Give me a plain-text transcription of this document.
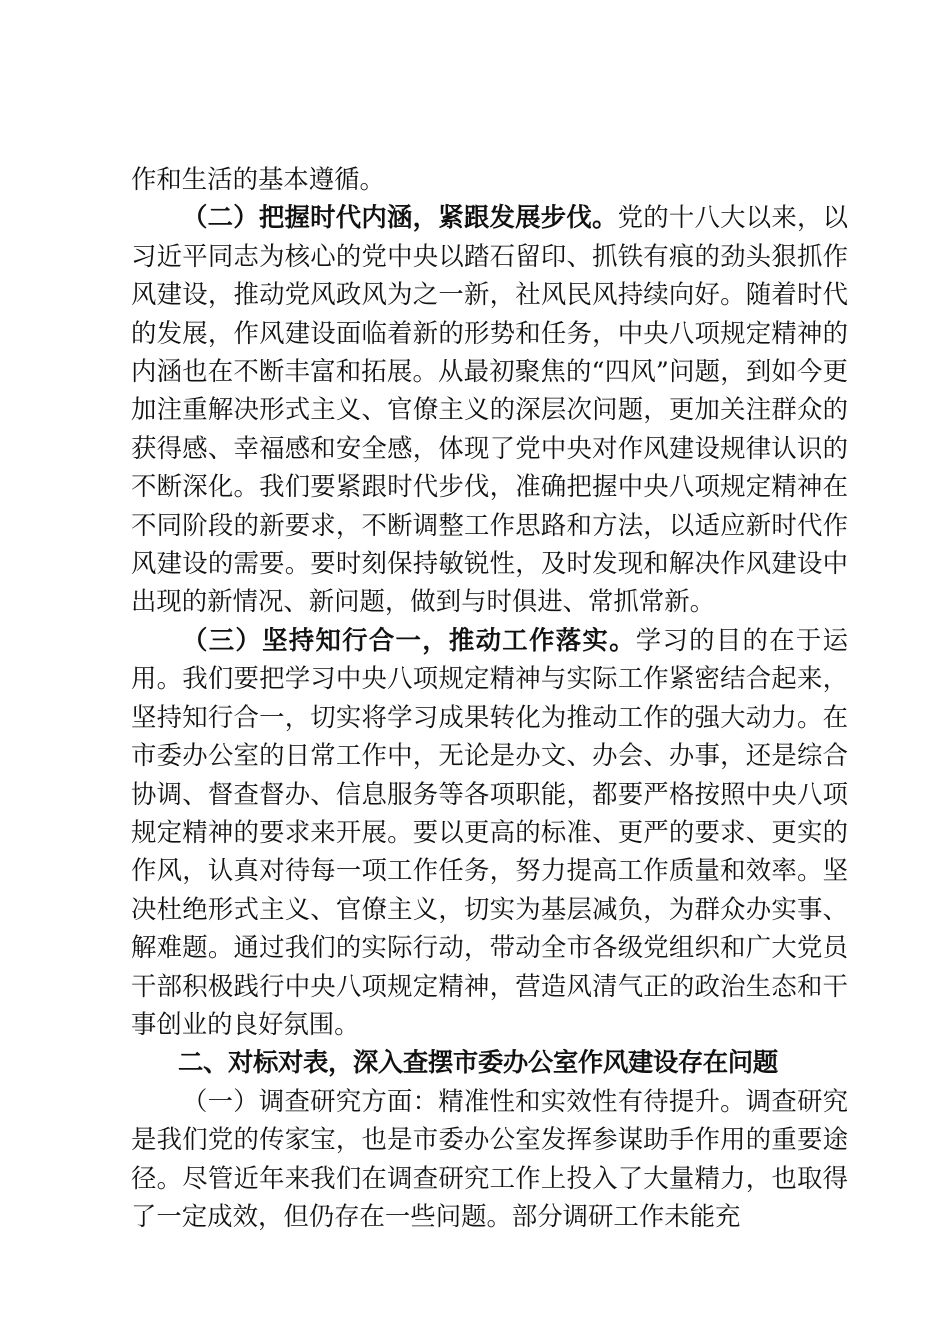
作和生活的基本遵循。

（二）把握时代内涵，紧跟发展步伐。党的十八大以来，以习近平同志为核心的党中央以踏石留印、抓铁有痕的劲头狠抓作风建设，推动党风政风为之一新，社风民风持续向好。随着时代的发展，作风建设面临着新的形势和任务，中央八项规定精神的内涵也在不断丰富和拓展。从最初聚焦的“四风”问题，到如今更加注重解决形式主义、官僚主义的深层次问题，更加关注群众的获得感、幸福感和安全感，体现了党中央对作风建设规律认识的不断深化。我们要紧跟时代步伐，准确把握中央八项规定精神在不同阶段的新要求，不断调整工作思路和方法，以适应新时代作风建设的需要。要时刻保持敏锐性，及时发现和解决作风建设中出现的新情况、新问题，做到与时俱进、常抓常新。

（三）坚持知行合一，推动工作落实。学习的目的在于运用。我们要把学习中央八项规定精神与实际工作紧密结合起来，坚持知行合一，切实将学习成果转化为推动工作的强大动力。在市委办公室的日常工作中，无论是办文、办会、办事，还是综合协调、督查督办、信息服务等各项职能，都要严格按照中央八项规定精神的要求来开展。要以更高的标准、更严的要求、更实的作风，认真对待每一项工作任务，努力提高工作质量和效率。坚决杜绝形式主义、官僚主义，切实为基层减负，为群众办实事、解难题。通过我们的实际行动，带动全市各级党组织和广大党员干部积极践行中央八项规定精神，营造风清气正的政治生态和干事创业的良好氛围。

二、对标对表，深入查摆市委办公室作风建设存在问题

（一）调查研究方面：精准性和实效性有待提升。调查研究是我们党的传家宝，也是市委办公室发挥参谋助手作用的重要途径。尽管近年来我们在调查研究工作上投入了大量精力，也取得了一定成效，但仍存在一些问题。部分调研工作未能充
